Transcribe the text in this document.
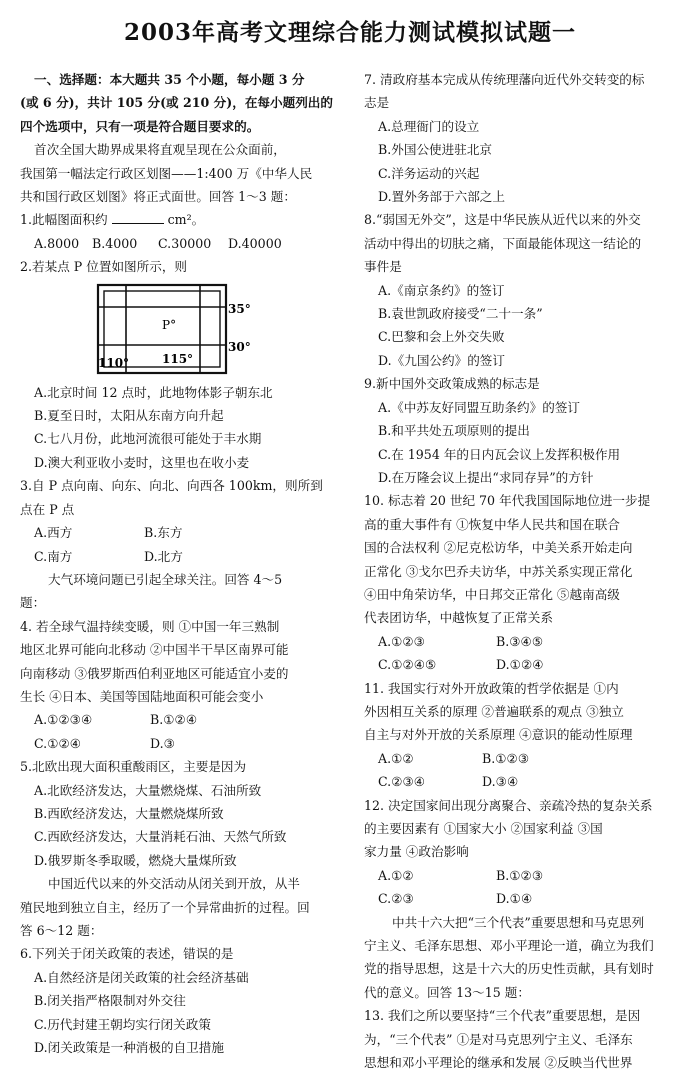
2003年高考文理综合能力测试模拟试题一
一、选择题：本大题共 35 个小题，每小题 3 分
(或 6 分)，共计 105 分(或 210 分)，在每小题列出的
四个选项中，只有一项是符合题目要求的。
首次全国大勘界成果将直观呈现在公众面前，
我国第一幅法定行政区划图——1:400 万《中华人民
共和国行政区划图》将正式面世。回答 1～3 题：
1.此幅图面积约	cm²。
A.8000 B.4000 C.30000 D.40000
2.若某点 P 位置如图所示，则
P°
35°
30°
110°	115°
A.北京时间 12 点时，此地物体影子朝东北
B.夏至日时，太阳从东南方向升起
C.七八月份，此地河流很可能处于丰水期
D.澳大利亚收小麦时，这里也在收小麦
3.自 P 点向南、向东、向北、向西各 100km，则所到
点在 P 点
A.西方	B.东方
C.南方	D.北方
大气环境问题已引起全球关注。回答 4～5
题：
4. 若全球气温持续变暖，则 ①中国一年三熟制
地区北界可能向北移动 ②中国半干旱区南界可能
向南移动 ③俄罗斯西伯利亚地区可能适宜小麦的
生长 ④日本、美国等国陆地面积可能会变小
A.①②③④	B.①②④
C.①②④	D.③
5.北欧出现大面积重酸雨区，主要是因为
A.北欧经济发达，大量燃烧煤、石油所致
B.西欧经济发达，大量燃烧煤所致
C.西欧经济发达，大量消耗石油、天然气所致
D.俄罗斯冬季取暖，燃烧大量煤所致
中国近代以来的外交活动从闭关到开放，从半
殖民地到独立自主，经历了一个异常曲折的过程。回
答 6～12 题：
6.下列关于闭关政策的表述，错误的是
A.自然经济是闭关政策的社会经济基础
B.闭关指严格限制对外交往
C.历代封建王朝均实行闭关政策
D.闭关政策是一种消极的自卫措施
7. 清政府基本完成从传统理藩向近代外交转变的标
志是
A.总理衙门的设立
B.外国公使进驻北京
C.洋务运动的兴起
D.置外务部于六部之上
8.“弱国无外交”，这是中华民族从近代以来的外交
活动中得出的切肤之痛，下面最能体现这一结论的
事件是
A.《南京条约》的签订
B.袁世凯政府接受“二十一条”
C.巴黎和会上外交失败
D.《九国公约》的签订
9.新中国外交政策成熟的标志是
A.《中苏友好同盟互助条约》的签订
B.和平共处五项原则的提出
C.在 1954 年的日内瓦会议上发挥积极作用
D.在万隆会议上提出“求同存异”的方针
10. 标志着 20 世纪 70 年代我国国际地位进一步提
高的重大事件有 ①恢复中华人民共和国在联合
国的合法权利 ②尼克松访华，中美关系开始走向
正常化 ③戈尔巴乔夫访华，中苏关系实现正常化
④田中角荣访华，中日邦交正常化 ⑤越南高级
代表团访华，中越恢复了正常关系
A.①②③	B.③④⑤
C.①②④⑤	D.①②④
11. 我国实行对外开放政策的哲学依据是 ①内
外因相互关系的原理 ②普遍联系的观点 ③独立
自主与对外开放的关系原理 ④意识的能动性原理
A.①②	B.①②③
C.②③④	D.③④
12. 决定国家间出现分离聚合、亲疏冷热的复杂关系
的主要因素有 ①国家大小 ②国家利益 ③国
家力量 ④政治影响
A.①②	B.①②③
C.②③	D.①④
中共十六大把“三个代表”重要思想和马克思列
宁主义、毛泽东思想、邓小平理论一道，确立为我们
党的指导思想，这是十六大的历史性贡献，具有划时
代的意义。回答 13～15 题：
13. 我们之所以要坚持“三个代表”重要思想，是因
为，“三个代表” ①是对马克思列宁主义、毛泽东
思想和邓小平理论的继承和发展 ②反映当代世界
